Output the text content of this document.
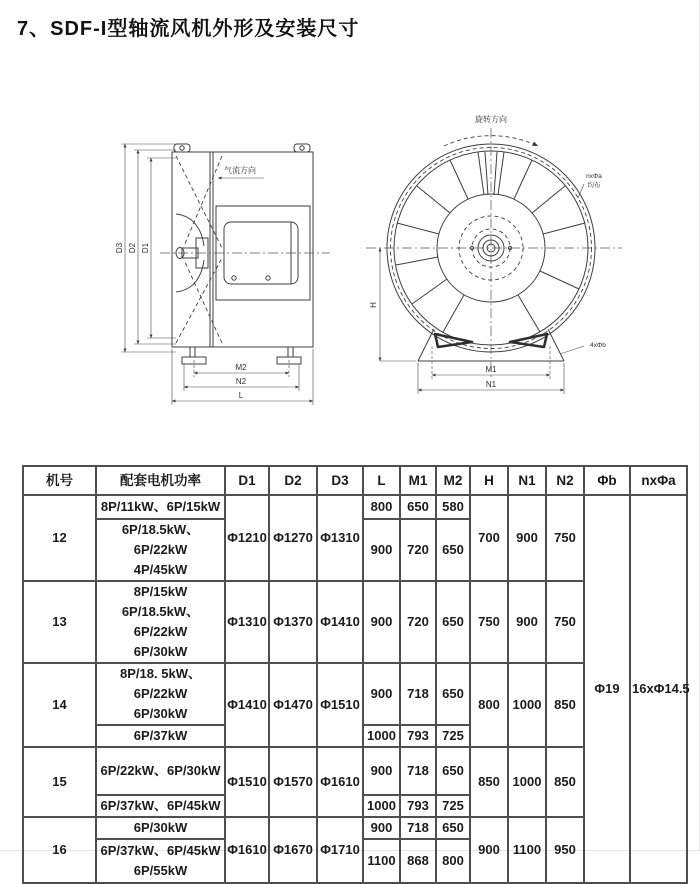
7、SDF-I型轴流风机外形及安装尺寸
D3 D2 D1
气流方向
M2
N2
L
旋转方向
nxΦa
均布
4xΦb
H
M1
N1
机号	配套电机功率	D1	D2	D3	L	M1	M2	H	N1	N2	Φb	nxΦa
12	8P/11kW、6P/15kW	Φ1210	Φ1270	Φ1310	800	650	580	700	900	750	Φ19	16xΦ14.5

	6P/18.5kW、6P/22kW
4P/45kW				900	720	650					
13	8P/15kW
6P/18.5kW、6P/22kW
6P/30kW	Φ1310	Φ1370	Φ1410	900	720	650	750	900	750		
14	8P/18. 5kW、6P/22kW
6P/30kW	Φ1410	Φ1470	Φ1510	900	718	650	800	1000	850		

	6P/37kW				1000	793	725					
15	6P/22kW、6P/30kW	Φ1510	Φ1570	Φ1610	900	718	650	850	1000	850		

	6P/37kW、6P/45kW				1000	793	725					
16	6P/30kW	Φ1610	Φ1670	Φ1710	900	718	650	900	1100	950		

	6P/37kW、6P/45kW
6P/55kW				1100	868	800					
